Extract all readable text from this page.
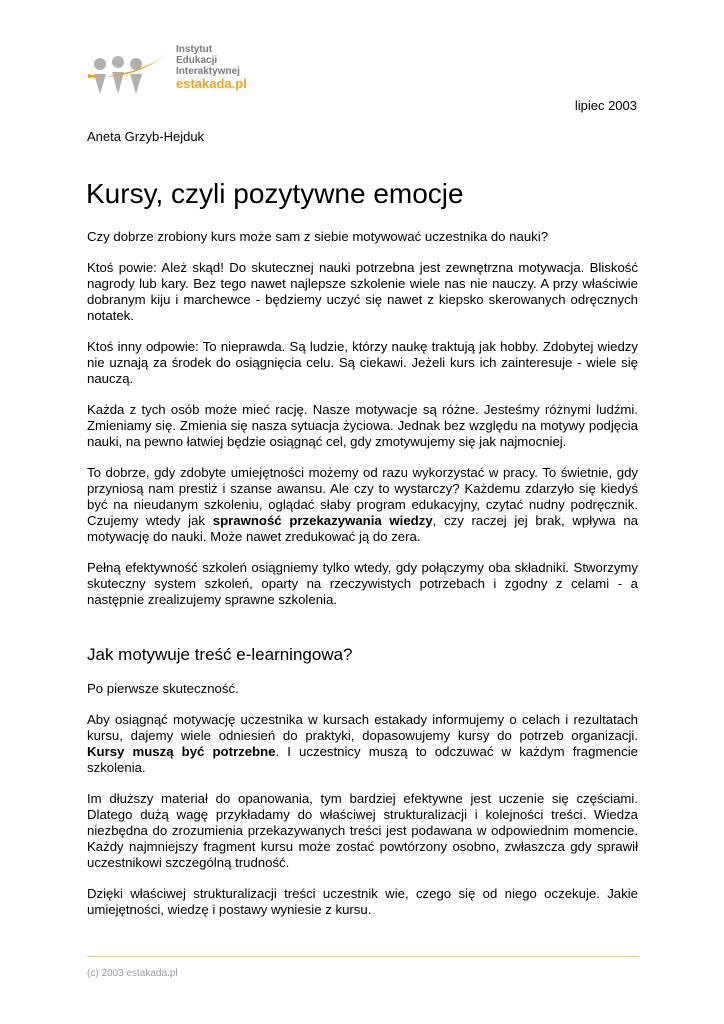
Instytut
Edukacji
Interaktywnej
estakada.pl
lipiec 2003
Aneta Grzyb-Hejduk
Kursy, czyli pozytywne emocje

Czy dobrze zrobiony kurs może sam z siebie motywować uczestnika do nauki?

Ktoś powie: Ależ skąd! Do skutecznej nauki potrzebna jest zewnętrzna motywacja. Bliskość nagrody lub kary. Bez tego nawet najlepsze szkolenie wiele nas nie nauczy. A przy właściwie dobranym kiju i marchewce - będziemy uczyć się nawet z kiepsko skerowanych odręcznych notatek.

Ktoś inny odpowie: To nieprawda. Są ludzie, którzy naukę traktują jak hobby. Zdobytej wiedzy nie uznają za środek do osiągnięcia celu. Są ciekawi. Jeżeli kurs ich zainteresuje - wiele się nauczą.

Każda z tych osób może mieć rację. Nasze motywacje są różne. Jesteśmy różnymi ludźmi. Zmieniamy się. Zmienia się nasza sytuacja życiowa. Jednak bez względu na motywy podjęcia nauki, na pewno łatwiej będzie osiągnąć cel, gdy zmotywujemy się jak najmocniej.

To dobrze, gdy zdobyte umiejętności możemy od razu wykorzystać w pracy. To świetnie, gdy przyniosą nam prestiż i szanse awansu. Ale czy to wystarczy? Każdemu zdarzyło się kiedyś być na nieudanym szkoleniu, oglądać słaby program edukacyjny, czytać nudny podręcznik. Czujemy wtedy jak sprawność przekazywania wiedzy, czy raczej jej brak, wpływa na motywację do nauki. Może nawet zredukować ją do zera.

Pełną efektywność szkoleń osiągniemy tylko wtedy, gdy połączymy oba składniki. Stworzymy skuteczny system szkoleń, oparty na rzeczywistych potrzebach i zgodny z celami - a następnie zrealizujemy sprawne szkolenia.

Jak motywuje treść e-learningowa?

Po pierwsze skuteczność.

Aby osiągnąć motywację uczestnika w kursach estakady informujemy o celach i rezultatach kursu, dajemy wiele odniesień do praktyki, dopasowujemy kursy do potrzeb organizacji. Kursy muszą być potrzebne. I uczestnicy muszą to odczuwać w każdym fragmencie szkolenia.

Im dłuższy materiał do opanowania, tym bardziej efektywne jest uczenie się częściami. Dlatego dużą wagę przykładamy do właściwej strukturalizacji i kolejności treści. Wiedza niezbędna do zrozumienia przekazywanych treści jest podawana w odpowiednim momencie. Każdy najmniejszy fragment kursu może zostać powtórzony osobno, zwłaszcza gdy sprawił uczestnikowi szczególną trudność.

Dzięki właściwej strukturalizacji treści uczestnik wie, czego się od niego oczekuje. Jakie umiejętności, wiedzę i postawy wyniesie z kursu.

(c) 2003 estakada.pl
